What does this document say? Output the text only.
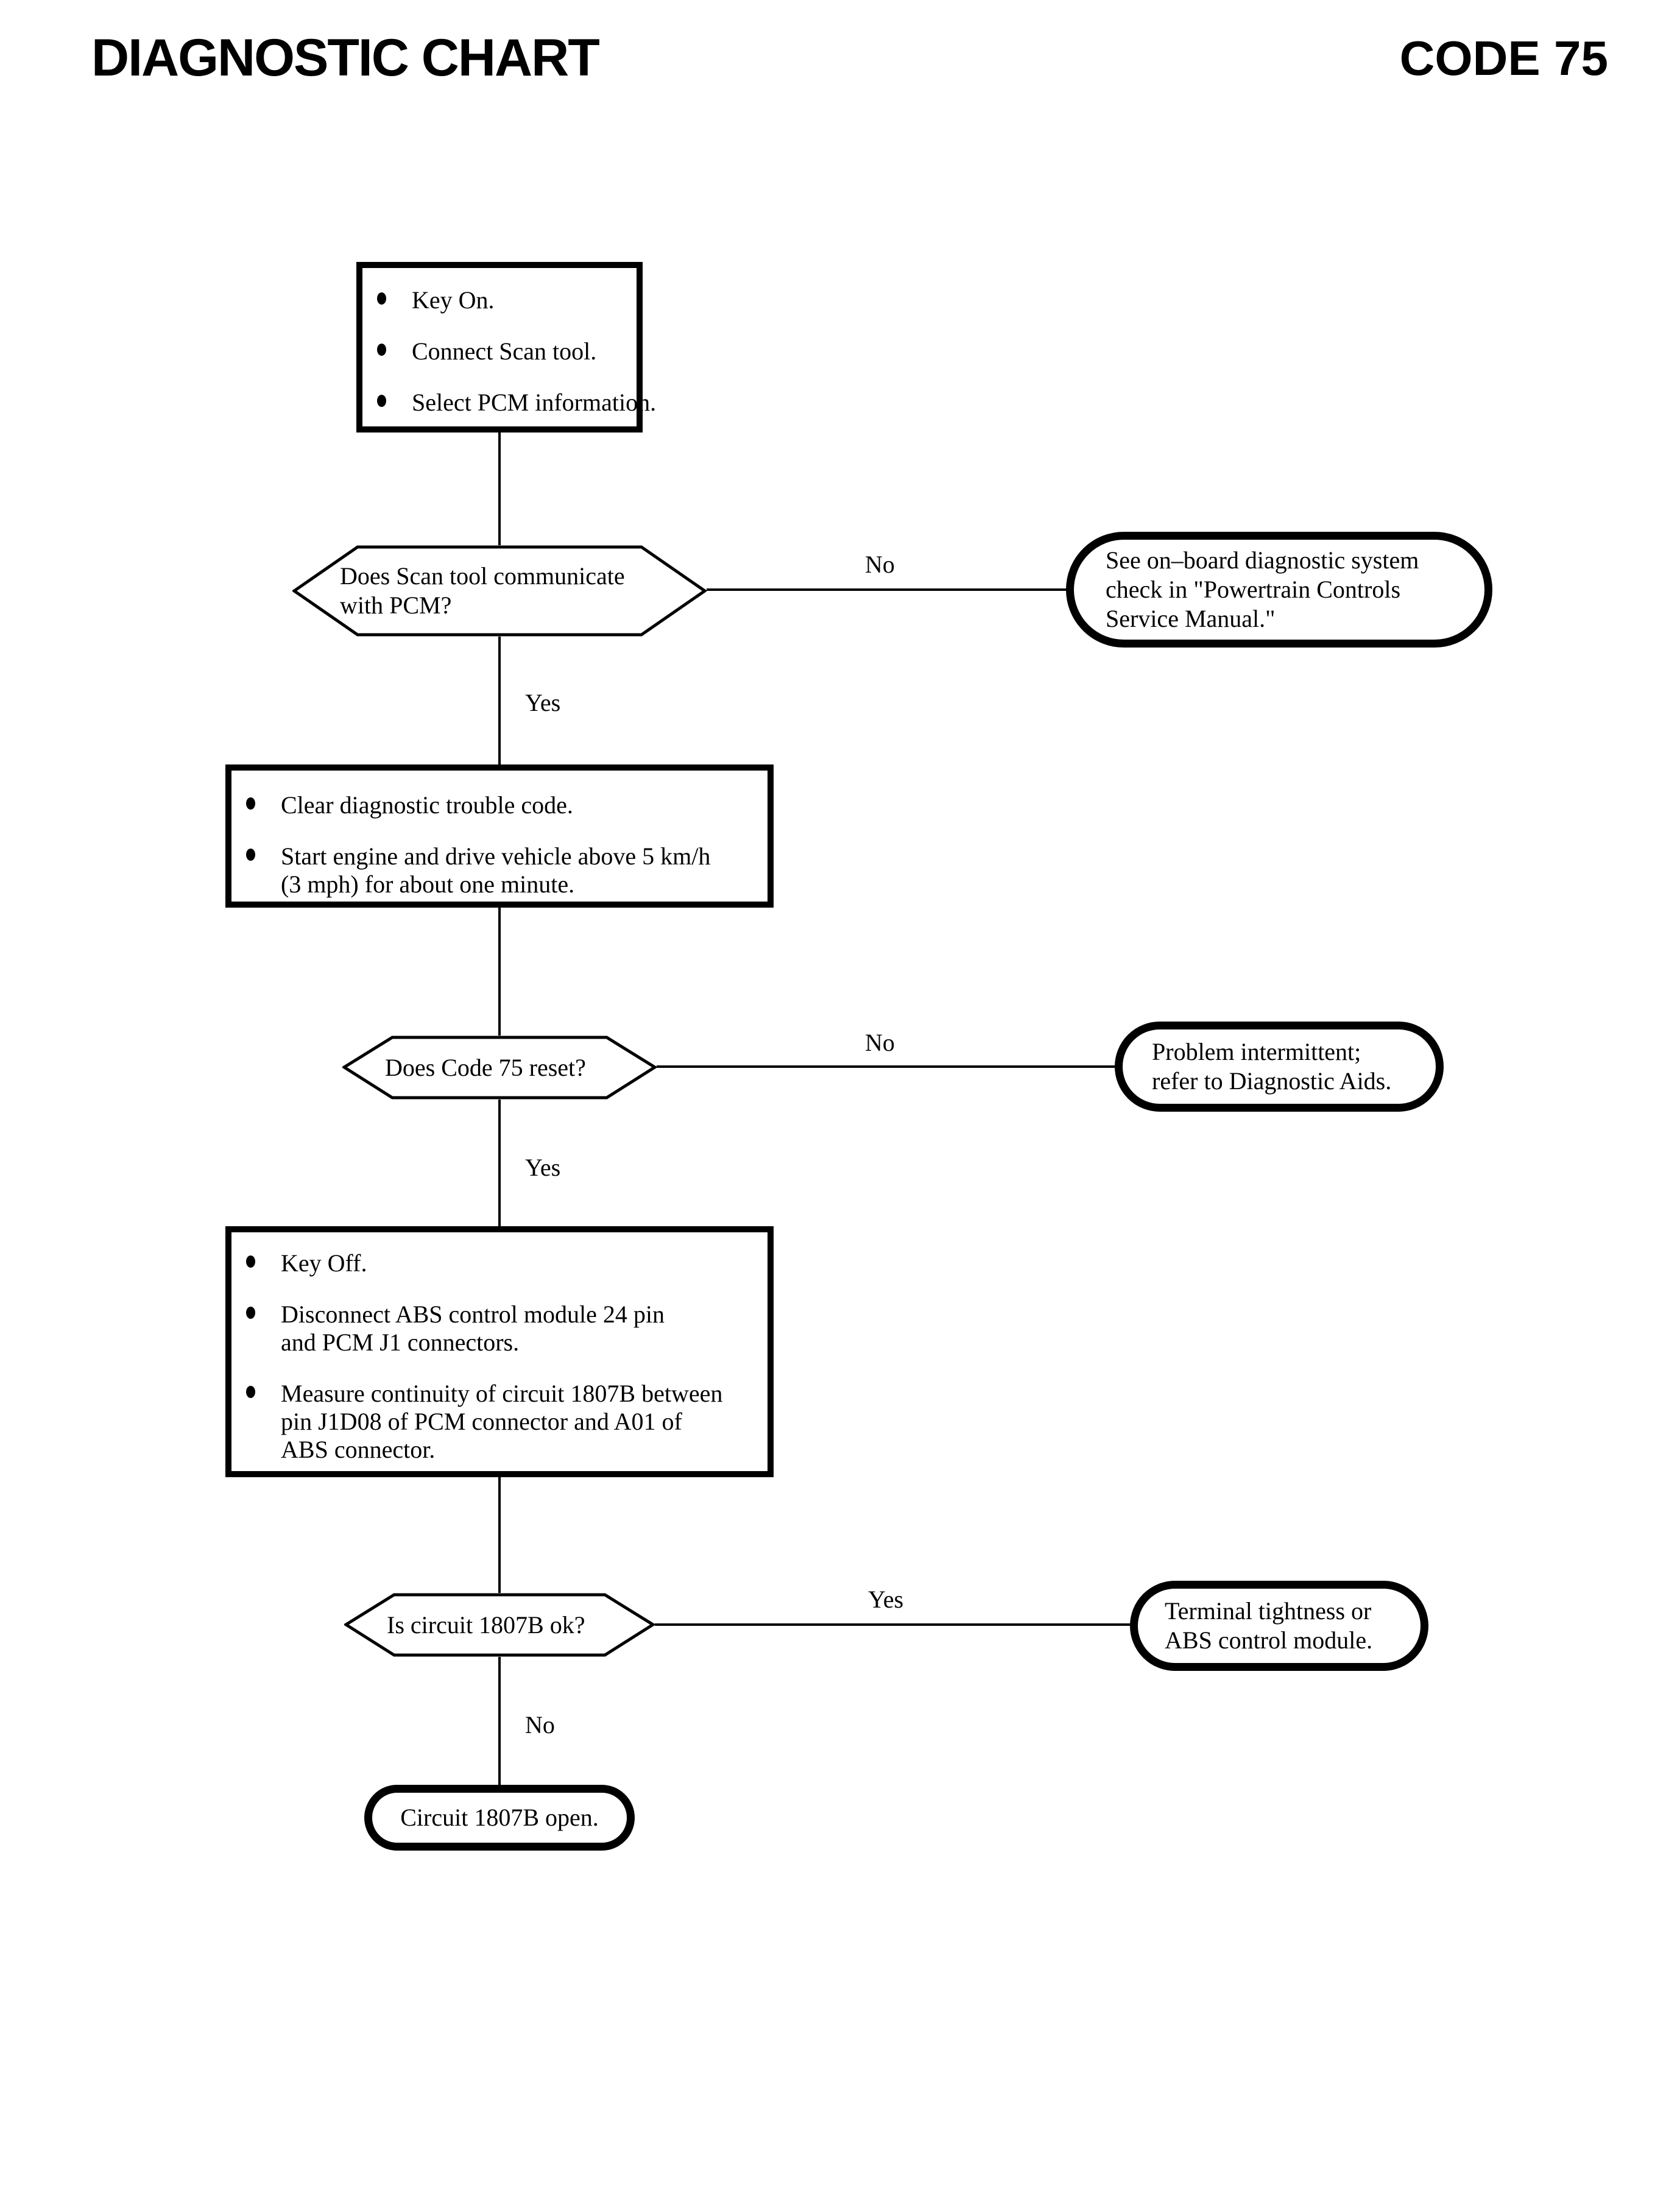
DIAGNOSTIC CHART	CODE 75
No
Yes
No
Yes
Yes
No
Key On.
Connect Scan tool.
Select PCM information.
Does Scan tool communicate
with PCM?
See on–board diagnostic system
check in "Powertrain Controls
Service Manual."
Clear diagnostic trouble code.
Start engine and drive vehicle above 5 km/h
(3 mph) for about one minute.
Does Code 75 reset?
Problem intermittent;
refer to Diagnostic Aids.
Key Off.
Disconnect ABS control module 24 pin
and PCM J1 connectors.
Measure continuity of circuit 1807B between
pin J1D08 of PCM connector and A01 of
ABS connector.
Is circuit 1807B ok?	Terminal tightness or
ABS control module.
Circuit 1807B open.
